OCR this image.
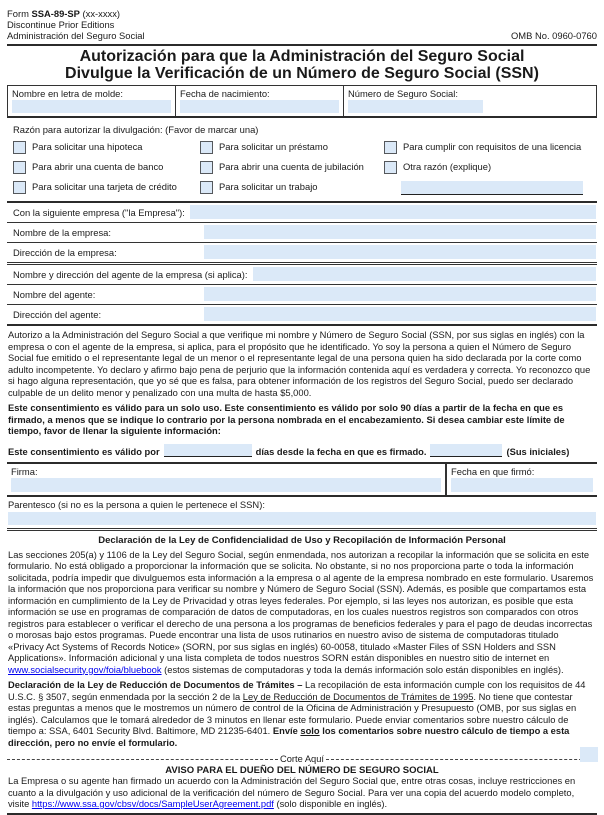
Form SSA-89-SP (xx-xxxx)
Discontinue Prior Editions
Administración del Seguro Social	OMB No. 0960-0760
Autorización para que la Administración del Seguro Social
Divulgue la Verificación de un Número de Seguro Social (SSN)
Nombre en letra de molde:	Fecha de nacimiento:	Número de Seguro Social:
Razón para autorizar la divulgación: (Favor de marcar una)
Para solicitar una hipoteca	Para solicitar un préstamo	Para cumplir con requisitos de una licencia
Para abrir una cuenta de banco	Para abrir una cuenta de jubilación	Otra razón (explique)
Para solicitar una tarjeta de crédito	Para solicitar un trabajo
Con la siguiente empresa ("la Empresa"):
Nombre de la empresa:
Dirección de la empresa:
Nombre y dirección del agente de la empresa (si aplica):
Nombre del agente:
Dirección del agente:

Autorizo a la Administración del Seguro Social a que verifique mi nombre y Número de Seguro Social (SSN, por sus siglas en inglés) con la empresa o con el agente de la empresa, si aplica, para el propósito que he identificado. Yo soy la persona a quien el Número de Seguro Social fue emitido o el representante legal de un menor o el representante legal de una persona quien ha sido declarada por la corte como adulto incompetente. Yo declaro y afirmo bajo pena de perjurio que la información contenida aquí es verdadera y correcta. Yo reconozco que si hago alguna representación, que yo sé que es falsa, para obtener información de los registros del Seguro Social, puedo ser declarado culpable de un delito menor y penalizado con una multa de hasta $5,000.

Este consentimiento es válido para un solo uso. Este consentimiento es válido por solo 90 días a partir de la fecha en que es firmado, a menos que se indique lo contrario por la persona nombrada en el encabezamiento. Si desea cambiar este límite de tiempo, favor de llenar la siguiente información:

Este consentimiento es válido por	días desde la fecha en que es firmado.	(Sus iniciales)
Firma:	Fecha en que firmó:
Parentesco (si no es la persona a quien le pertenece el SSN):
Declaración de la Ley de Confidencialidad de Uso y Recopilación de Información Personal

Las secciones 205(a) y 1106 de la Ley del Seguro Social, según enmendada, nos autorizan a recopilar la información que se solicita en este formulario. No está obligado a proporcionar la información que se solicita. No obstante, si no nos proporciona parte o toda la información solicitada, podría impedir que divulguemos esta información a la empresa o al agente de la empresa nombrado en este formulario. Usaremos la información que nos proporciona para verificar su nombre y Número de Seguro Social (SSN). Además, es posible que compartamos esta información en cumplimiento de la Ley de Privacidad y otras leyes federales. Por ejemplo, si las leyes nos autorizan, es posible que esta información se use en programas de comparación de datos de computadoras, en los cuales nuestros registros son comparados con otros registros para establecer o verificar el derecho de una persona a los programas de beneficios federales y para el pago de deudas incorrectas o morosas bajo estos programas. Puede encontrar una lista de usos rutinarios en nuestro aviso de sistema de computadoras titulado «Privacy Act Systems of Records Notice» (SORN, por sus siglas en inglés) 60-0058, titulado «Master Files of SSN Holders and SSN Applications». Información adicional y una lista completa de todos nuestros SORN están disponibles en nuestro sitio de internet en www.socialsecurity.gov/foia/bluebook (estos sistemas de computadoras y toda la demás información solo están disponibles en inglés).

Declaración de la Ley de Reducción de Documentos de Trámites – La recopilación de esta información cumple con los requisitos de 44 U.S.C. § 3507, según enmendada por la sección 2 de la Ley de Reducción de Documentos de Trámites de 1995. No tiene que contestar estas preguntas a menos que le mostremos un número de control de la Oficina de Administración y Presupuesto (OMB, por sus siglas en inglés). Calculamos que le tomará alrededor de 3 minutos en llenar este formulario. Puede enviar comentarios sobre nuestro cálculo de tiempo a: SSA, 6401 Security Blvd. Baltimore, MD 21235-6401. Envíe solo los comentarios sobre nuestro cálculo de tiempo a esta dirección, pero no envíe el formulario.

Corte Aquí
AVISO PARA EL DUEÑO DEL NÚMERO DE SEGURO SOCIAL

La Empresa o su agente han firmado un acuerdo con la Administración del Seguro Social que, entre otras cosas, incluye restricciones en cuanto a la divulgación y uso adicional de la verificación del número de Seguro Social. Para ver una copia del acuerdo modelo completo, visite https://www.ssa.gov/cbsv/docs/SampleUserAgreement.pdf (solo disponible en inglés).
